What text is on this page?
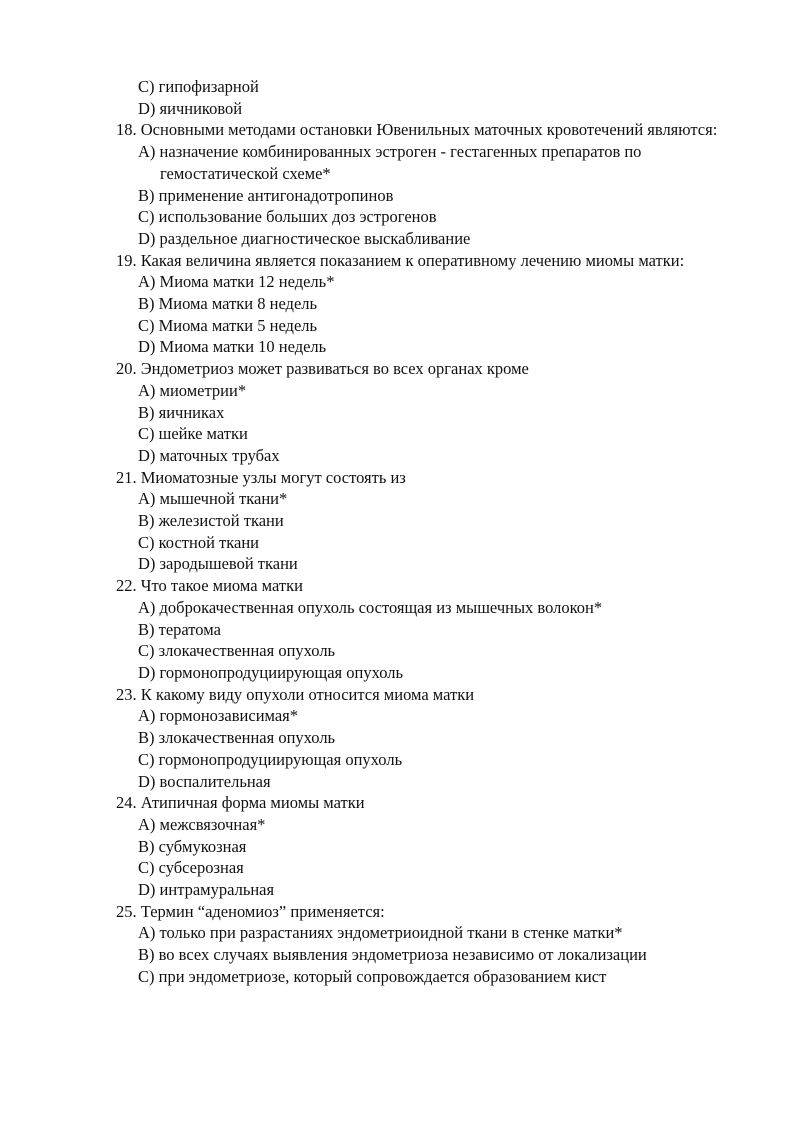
C) гипофизарной
D) яичниковой
18. Основными методами остановки Ювенильных маточных кровотечений являются:
A) назначение комбинированных эстроген - гестагенных препаратов по гемостатической схеме*
B) применение антигонадотропинов
C) использование больших доз эстрогенов
D) раздельное диагностическое выскабливание
19. Какая величина является показанием к оперативному лечению миомы матки:
A) Миома матки 12 недель*
B) Миома матки 8 недель
C) Миома матки 5 недель
D) Миома матки 10 недель
20. Эндометриоз может развиваться во всех органах кроме
A) миометрии*
B) яичниках
C) шейке матки
D) маточных трубах
21. Миоматозные узлы могут состоять из
A) мышечной ткани*
B) железистой ткани
C) костной ткани
D) зародышевой ткани
22. Что такое миома матки
A) доброкачественная опухоль состоящая из мышечных волокон*
B) тератома
C) злокачественная опухоль
D) гормонопродуциирующая опухоль
23. К какому виду опухоли относится миома матки
A) гормонозависимая*
B) злокачественная опухоль
C) гормонопродуциирующая опухоль
D) воспалительная
24. Атипичная форма миомы матки
A) межсвязочная*
B) субмукозная
C) субсерозная
D) интрамуральная
25. Термин “аденомиоз” применяется:
A) только при разрастаниях эндометриоидной ткани в стенке матки*
B) во всех случаях выявления эндометриоза независимо от локализации
C) при эндометриозе, который сопровождается образованием кист
